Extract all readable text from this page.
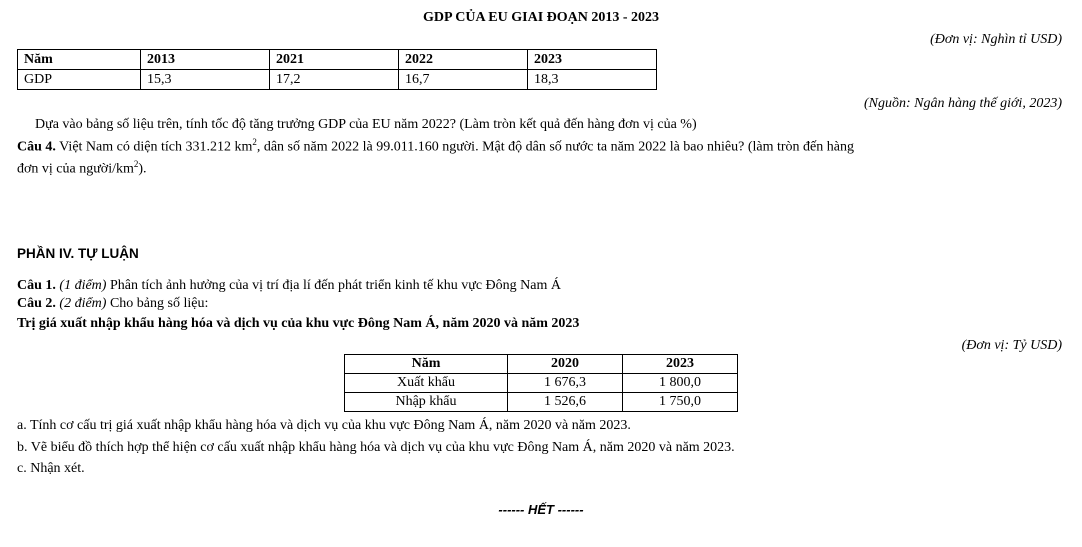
GDP CỦA EU GIAI ĐOẠN 2013 - 2023
(Đơn vị: Nghìn tỉ USD)
Năm	2013	2021	2022	2023
GDP	15,3	17,2	16,7	18,3
(Nguồn: Ngân hàng thế giới, 2023)
Dựa vào bảng số liệu trên, tính tốc độ tăng trưởng GDP của EU năm 2022? (Làm tròn kết quả đến hàng đơn vị của %)
Câu 4. Việt Nam có diện tích 331.212 $km^2$, dân số năm 2022 là 99.011.160 người. Mật độ dân số nước ta năm 2022 là bao nhiêu? (làm tròn đến hàng
đơn vị của người/$km^2$).
PHẦN IV. TỰ LUẬN
Câu 1. (1 điểm) Phân tích ảnh hưởng của vị trí địa lí đến phát triển kinh tế khu vực Đông Nam Á
Câu 2. (2 điểm) Cho bảng số liệu:
Trị giá xuất nhập khẩu hàng hóa và dịch vụ của khu vực Đông Nam Á, năm 2020 và năm 2023
(Đơn vị: Tỷ USD)
Năm	2020	2023
Xuất khẩu	1 676,3	1 800,0
Nhập khẩu	1 526,6	1 750,0
a. Tính cơ cấu trị giá xuất nhập khẩu hàng hóa và dịch vụ của khu vực Đông Nam Á, năm 2020 và năm 2023.
b. Vẽ biểu đồ thích hợp thể hiện cơ cấu xuất nhập khẩu hàng hóa và dịch vụ của khu vực Đông Nam Á, năm 2020 và năm 2023.
c. Nhận xét.
------ HẾT ------
